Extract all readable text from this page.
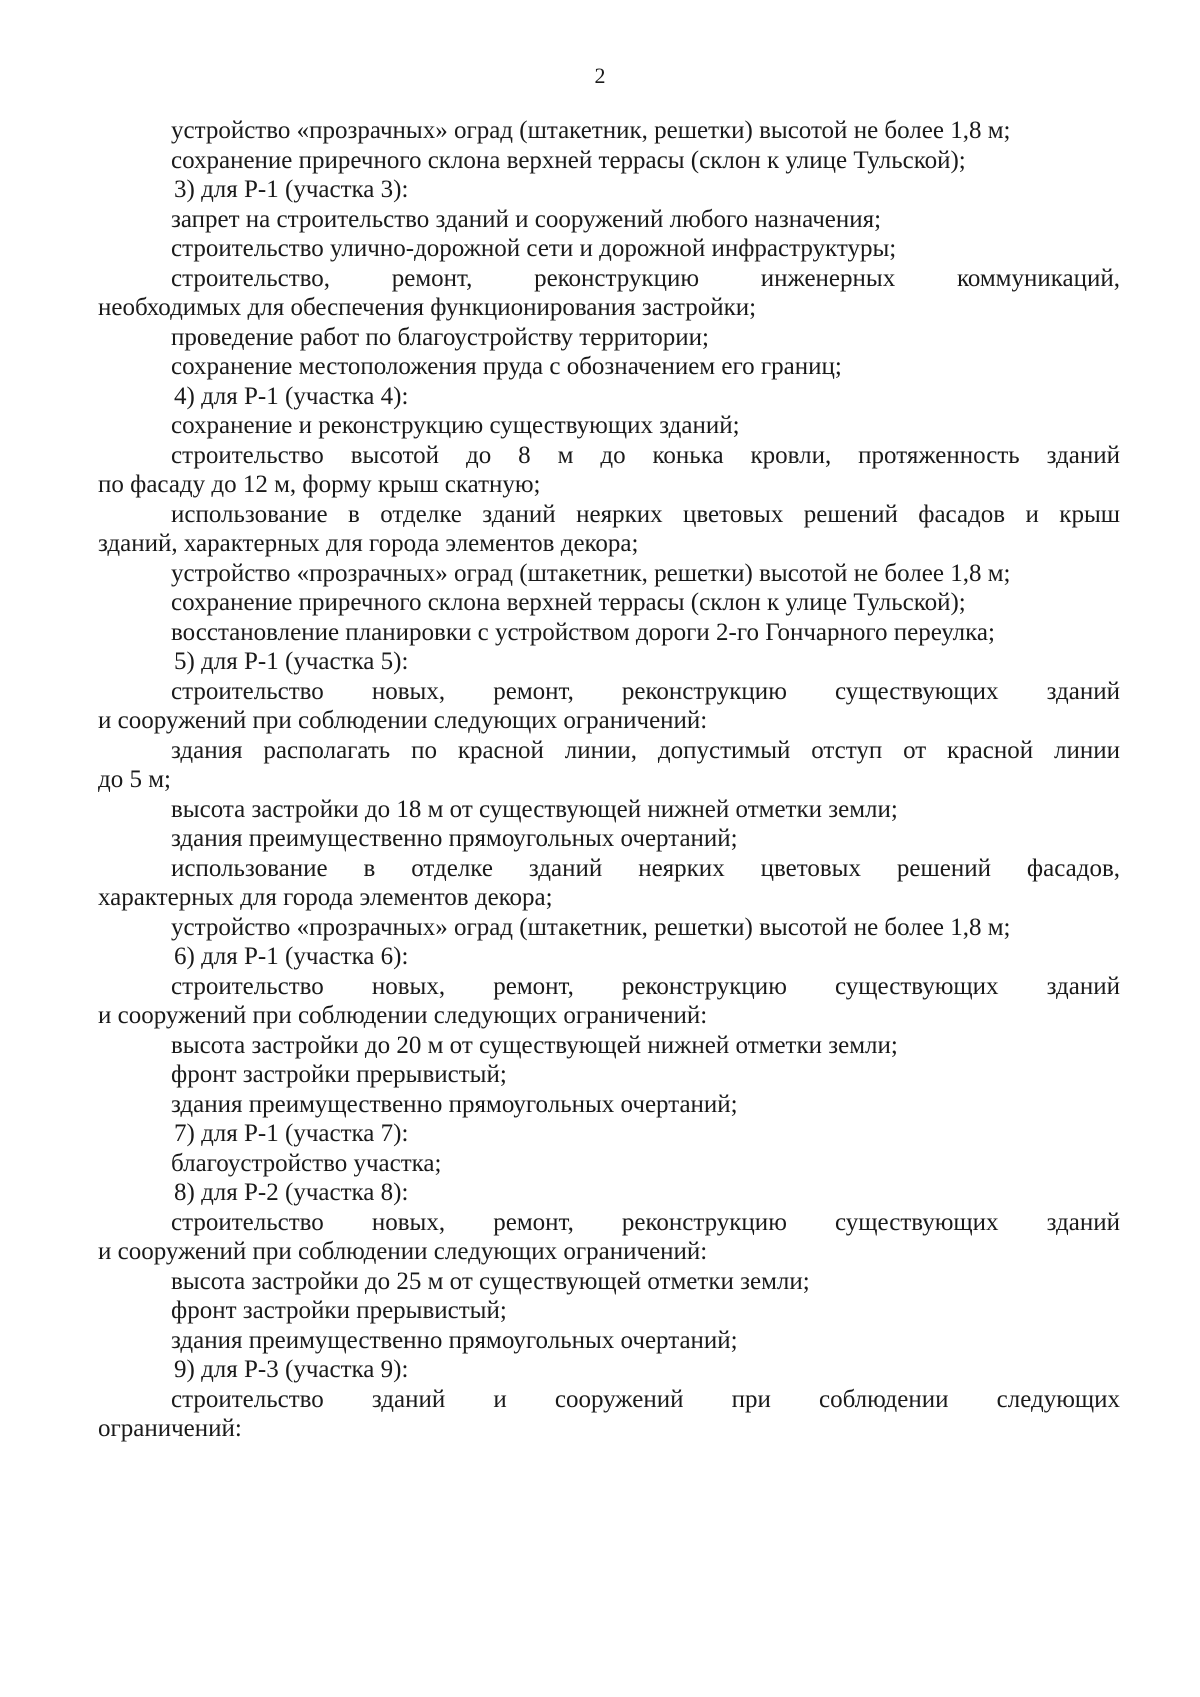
2
устройство «прозрачных» оград (штакетник, решетки) высотой не более 1,8 м;
сохранение приречного склона верхней террасы (склон к улице Тульской);
3) для Р-1 (участка 3):
запрет на строительство зданий и сооружений любого назначения;
строительство улично-дорожной сети и дорожной инфраструктуры;
строительство, ремонт, реконструкцию инженерных коммуникаций,
необходимых для обеспечения функционирования застройки;
проведение работ по благоустройству территории;
сохранение местоположения пруда с обозначением его границ;
4) для Р-1 (участка 4):
сохранение и реконструкцию существующих зданий;
строительство высотой до 8 м до конька кровли, протяженность зданий
по фасаду до 12 м, форму крыш скатную;
использование в отделке зданий неярких цветовых решений фасадов и крыш
зданий, характерных для города элементов декора;
устройство «прозрачных» оград (штакетник, решетки) высотой не более 1,8 м;
сохранение приречного склона верхней террасы (склон к улице Тульской);
восстановление планировки с устройством дороги 2-го Гончарного переулка;
5) для Р-1 (участка 5):
строительство новых, ремонт, реконструкцию существующих зданий
и сооружений при соблюдении следующих ограничений:
здания располагать по красной линии, допустимый отступ от красной линии
до 5 м;
высота застройки до 18 м от существующей нижней отметки земли;
здания преимущественно прямоугольных очертаний;
использование в отделке зданий неярких цветовых решений фасадов,
характерных для города элементов декора;
устройство «прозрачных» оград (штакетник, решетки) высотой не более 1,8 м;
6) для Р-1 (участка 6):
строительство новых, ремонт, реконструкцию существующих зданий
и сооружений при соблюдении следующих ограничений:
высота застройки до 20 м от существующей нижней отметки земли;
фронт застройки прерывистый;
здания преимущественно прямоугольных очертаний;
7) для Р-1 (участка 7):
благоустройство участка;
8) для Р-2 (участка 8):
строительство новых, ремонт, реконструкцию существующих зданий
и сооружений при соблюдении следующих ограничений:
высота застройки до 25 м от существующей отметки земли;
фронт застройки прерывистый;
здания преимущественно прямоугольных очертаний;
9) для Р-3 (участка 9):
строительство зданий и сооружений при соблюдении следующих
ограничений:
